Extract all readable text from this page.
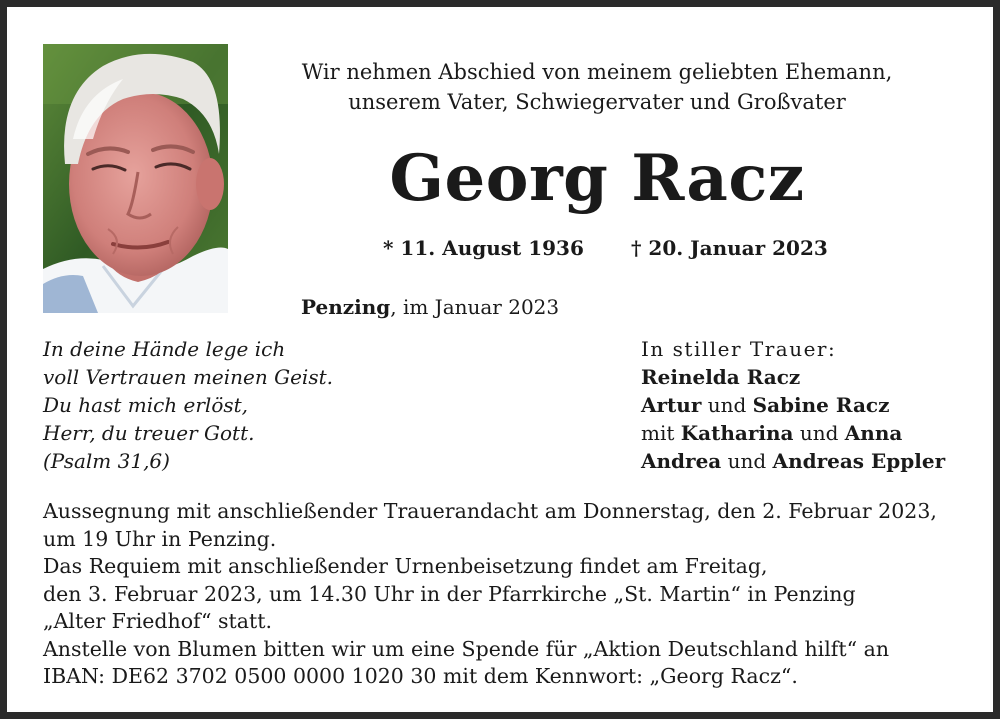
Wir nehmen Abschied von meinem geliebten Ehemann,
unserem Vater, Schwiegervater und Großvater
Georg Racz
* 11. August 1936 † 20. Januar 2023
Penzing, im Januar 2023
In deine Hände lege ich
voll Vertrauen meinen Geist.
Du hast mich erlöst,
Herr, du treuer Gott.
(Psalm 31,6)
In stiller Trauer:
Reinelda Racz
Artur und Sabine Racz
mit Katharina und Anna
Andrea und Andreas Eppler
Aussegnung mit anschließender Trauerandacht am Donnerstag, den 2. Februar 2023,
um 19 Uhr in Penzing.
Das Requiem mit anschließender Urnenbeisetzung findet am Freitag,
den 3. Februar 2023, um 14.30 Uhr in der Pfarrkirche „St. Martin“ in Penzing
„Alter Friedhof“ statt.
Anstelle von Blumen bitten wir um eine Spende für „Aktion Deutschland hilft“ an
IBAN: DE62 3702 0500 0000 1020 30 mit dem Kennwort: „Georg Racz“.
